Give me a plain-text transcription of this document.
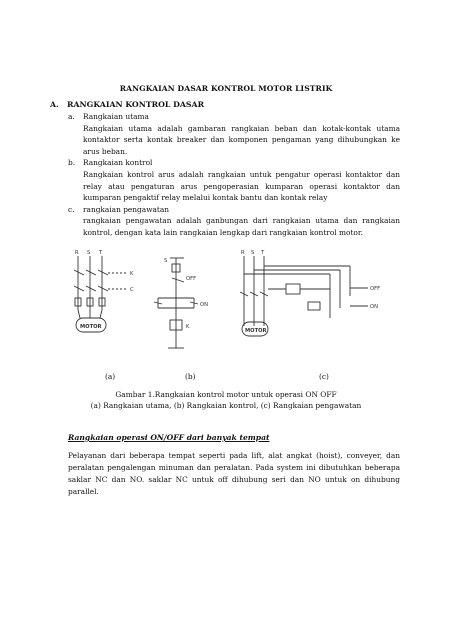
RANGKAIAN DASAR KONTROL MOTOR LISTRIK
A. RANGKAIAN KONTROL DASAR
a. Rangkaian utama
Rangkaian utama adalah gambaran rangkaian beban dan kotak-kontak utama kontaktor serta kontak breaker dan komponen pengaman yang dihubungkan ke arus beban.
b. Rangkaian kontrol
Rangkaian kontrol arus adalah rangkaian untuk pengatur operasi kontaktor dan relay atau pengaturan arus pengoperasian kumparan operasi kontaktor dan kumparan pengaktif relay melalui kontak bantu dan kontak relay
c. rangkaian pengawatan
rangkaian pengawatan adalah ganbungan dari rangkaian utama dan rangkaian kontrol, dengan kata lain rangkaian lengkap dari rangkaian kontrol motor.
R S T
K
C
MOTOR
S
OFF
ON
K
R S T
OFF
ON
MOTOR
(a)	(b)	(c)
Gambar 1.Rangkaian kontrol motor untuk operasi ON OFF
(a) Rangkaian utama, (b) Rangkaian kontrol, (c) Rangkaian pengawatan
Rangkaian operasi ON/OFF dari banyak tempat
Pelayanan dari beberapa tempat seperti pada lift, alat angkat (hoist), conveyer, dan peralatan pengalengan minuman dan peralatan. Pada system ini dibutuhkan beberapa saklar NC dan NO. saklar NC untuk off dihubung seri dan NO untuk on dihubung parallel.
